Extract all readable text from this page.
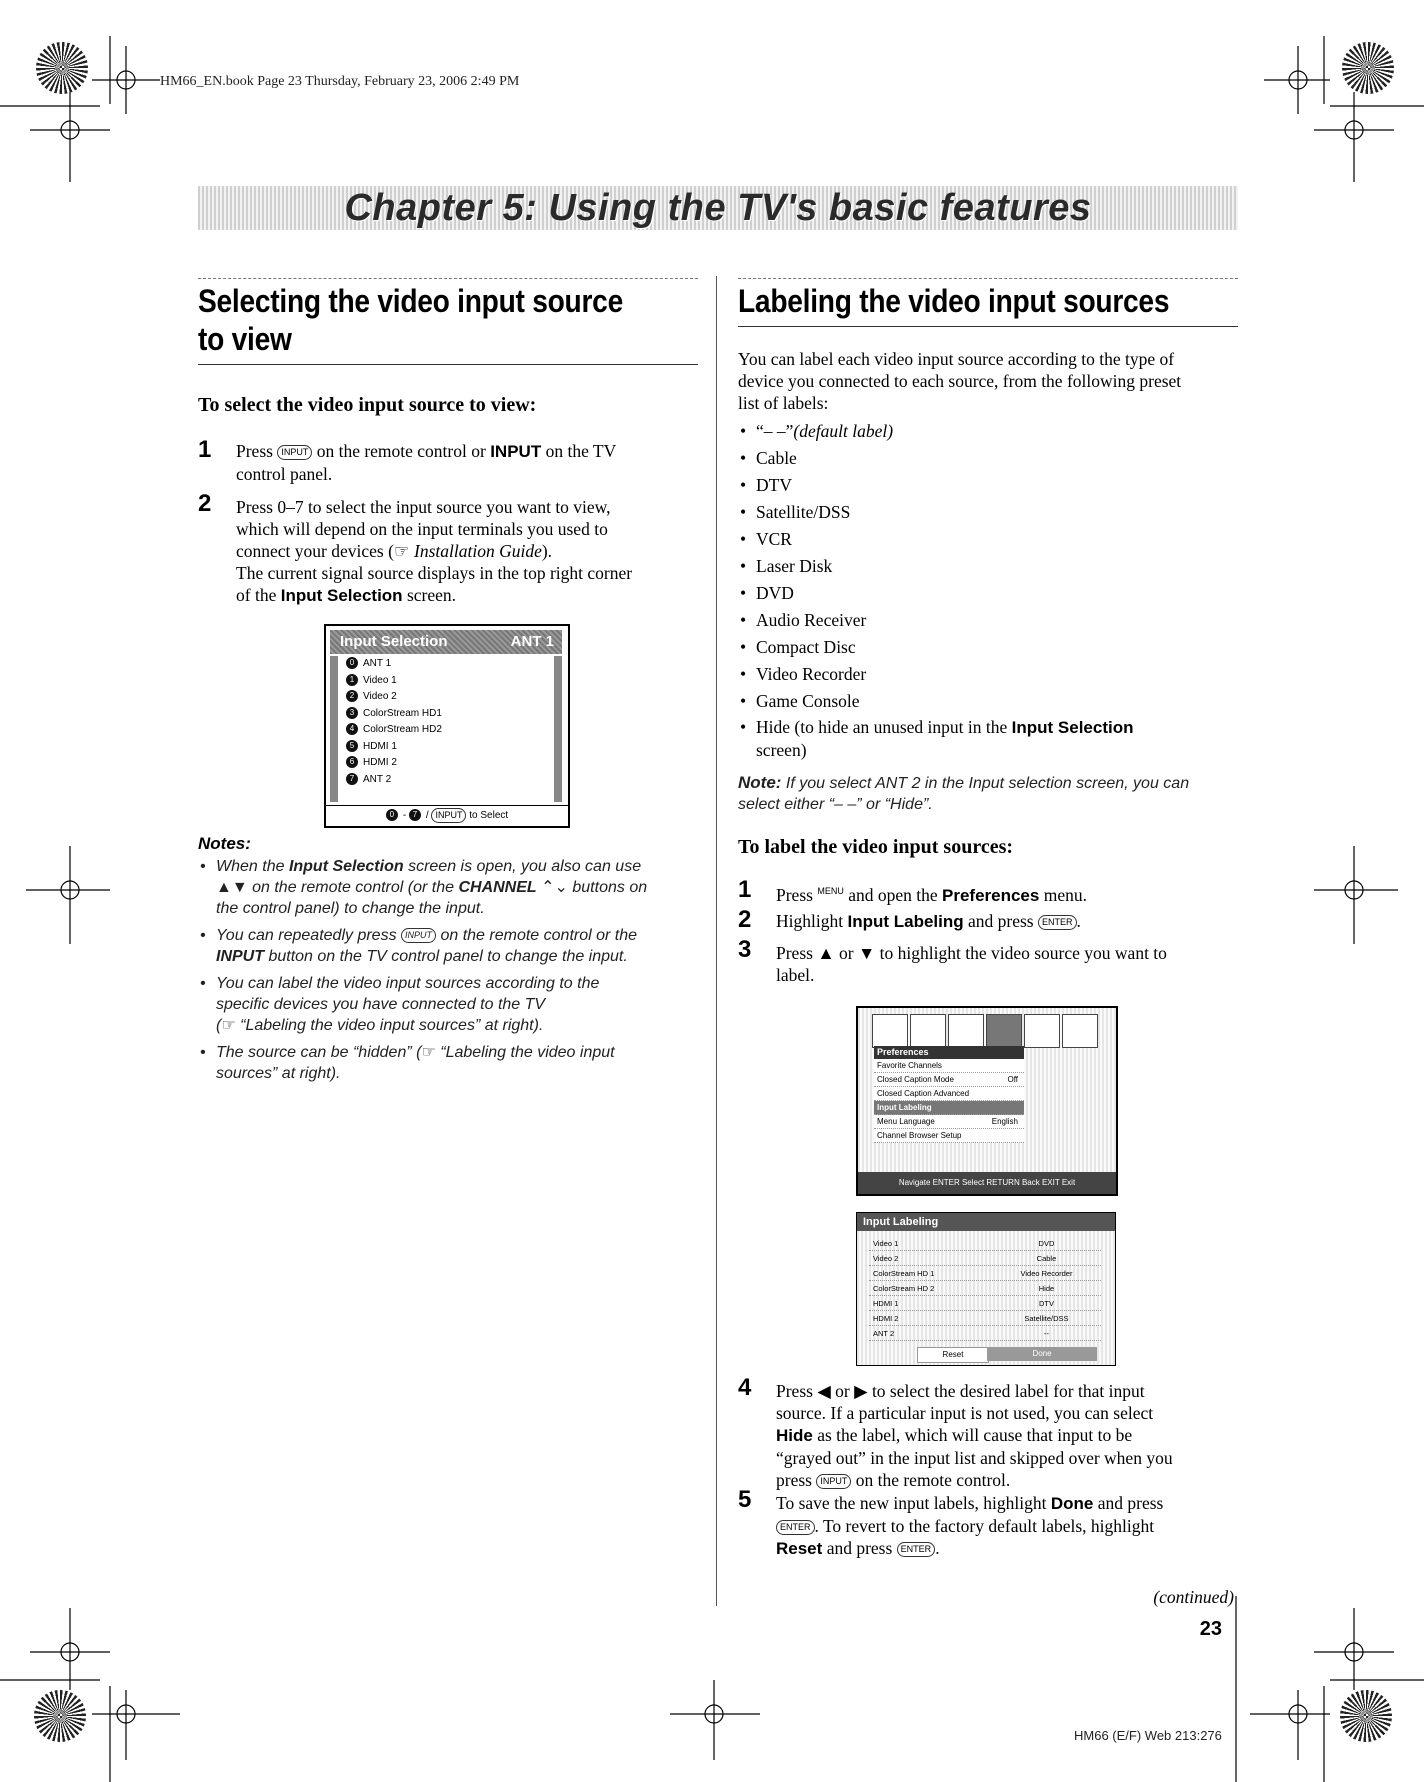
HM66_EN.book Page 23 Thursday, February 23, 2006 2:49 PM
Chapter 5: Using the TV's basic features
Selecting the video input source
to view
To select the video input source to view:
1 Press INPUT on the remote control or INPUT on the TV
control panel.
2 Press 0–7 to select the input source you want to view,
which will depend on the input terminals you used to
connect your devices (☞ Installation Guide).
The current signal source displays in the top right corner
of the Input Selection screen.
Input Selection	ANT 1
0 ANT 1
1 Video 1
2 Video 2
3 ColorStream HD1
4 ColorStream HD2
5 HDMI 1
6 HDMI 2
7 ANT 2
0 - 7 / INPUT to Select
Notes:
• When the Input Selection screen is open, you also can use
▲▼ on the remote control (or the CHANNEL ⌃⌄ buttons on
the control panel) to change the input.
• You can repeatedly press INPUT on the remote control or the
INPUT button on the TV control panel to change the input.
• You can label the video input sources according to the
specific devices you have connected to the TV
(☞ “Labeling the video input sources” at right).
• The source can be “hidden” (☞ “Labeling the video input
sources” at right).
Labeling the video input sources
You can label each video input source according to the type of
device you connected to each source, from the following preset
list of labels:
• “– –”(default label)
• Cable
• DTV
• Satellite/DSS
• VCR
• Laser Disk
• DVD
• Audio Receiver
• Compact Disc
• Video Recorder
• Game Console
• Hide (to hide an unused input in the Input Selection
screen)
Note: If you select ANT 2 in the Input selection screen, you can
select either “– –” or “Hide”.
To label the video input sources:
1 Press $^{MENU}$ and open the Preferences menu.
2 Highlight Input Labeling and press ENTER .
3 Press ▲ or ▼ to highlight the video source you want to
label.
Preferences
Favorite Channels
Closed Caption Mode	Off
Closed Caption Advanced
Input Labeling
Menu Language	English
Channel Browser Setup
Navigate ENTER Select RETURN Back EXIT Exit
Input Labeling
Video 1	DVD
Video 2	Cable
ColorStream HD 1	Video Recorder
ColorStream HD 2	Hide
HDMI 1	DTV
HDMI 2	Satellite/DSS
ANT 2	--
Reset	Done
4 Press ◀ or ▶ to select the desired label for that input
source. If a particular input is not used, you can select
Hide as the label, which will cause that input to be
“grayed out” in the input list and skipped over when you
press INPUT on the remote control.
5 To save the new input labels, highlight Done and press
ENTER . To revert to the factory default labels, highlight
Reset and press ENTER .
(continued)
23
HM66 (E/F) Web 213:276
